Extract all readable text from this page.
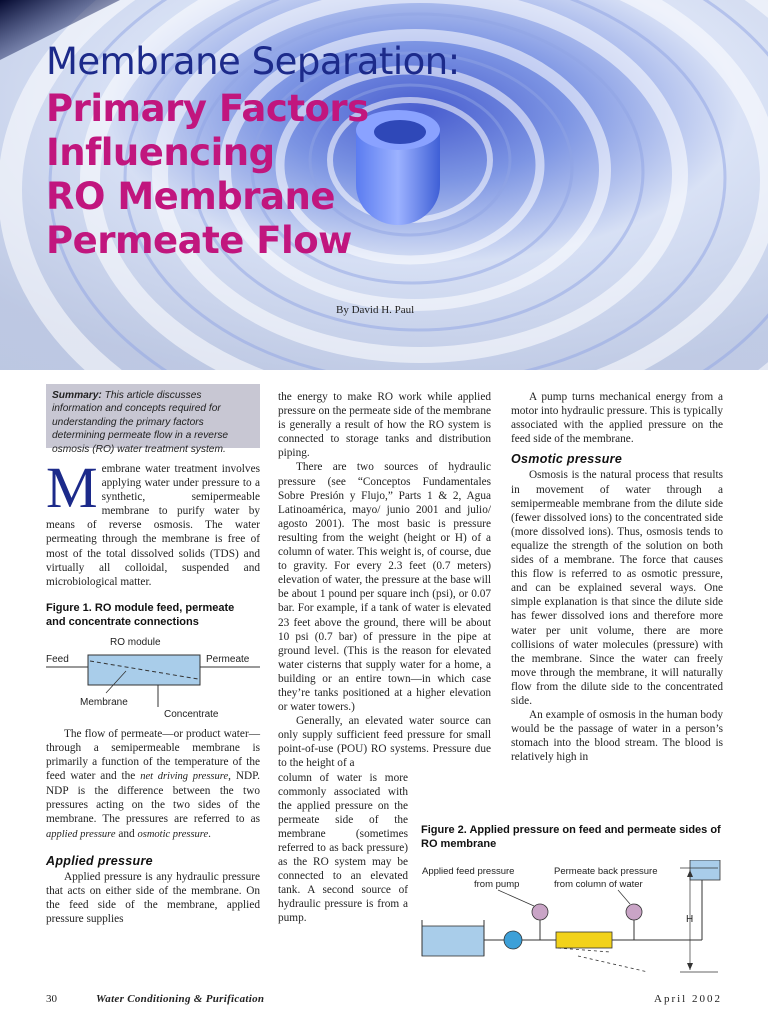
Membrane Separation:
Primary Factors
Influencing
RO Membrane
Permeate Flow
By David H. Paul
Summary: This article discusses information and concepts required for understanding the primary factors determining permeate flow in a reverse osmosis (RO) water treatment system.

Membrane water treatment involves applying water under pressure to a synthetic, semipermeable membrane to purify water by means of reverse osmosis. The water permeating through the membrane is free of most of the total dissolved solids (TDS) and virtually all colloidal, suspended and microbiological matter.

Figure 1. RO module feed, permeate and concentrate connections
RO module
Feed	Permeate
Membrane
Concentrate

The flow of permeate—or product water—through a semipermeable membrane is primarily a function of the temperature of the feed water and the net driving pressure, NDP. NDP is the difference between the two pressures acting on the two sides of the membrane. The pressures are referred to as applied pressure and osmotic pressure.

Applied pressure

Applied pressure is any hydraulic pressure that acts on either side of the membrane. On the feed side of the membrane, applied pressure supplies

the energy to make RO work while applied pressure on the permeate side of the membrane is generally a result of how the RO system is connected to storage tanks and distribution piping.

There are two sources of hydraulic pressure (see “Conceptos Fundamentales Sobre Presión y Flujo,” Parts 1 & 2, Agua Latinoamérica, mayo/ junio 2001 and julio/ agosto 2001). The most basic is pressure resulting from the weight (height or H) of a column of water. This weight is, of course, due to gravity. For every 2.3 feet (0.7 meters) elevation of water, the pressure at the base will be about 1 pound per square inch (psi), or 0.07 bar. For example, if a tank of water is elevated 23 feet above the ground, there will be about 10 psi (0.7 bar) of pressure in the pipe at ground level. (This is the reason for elevated water cisterns that supply water for a home, a building or an entire town—in which case they’re tanks positioned at a higher elevation or water towers.)

Generally, an elevated water source can only supply sufficient feed pressure for small point-of-use (POU) RO systems. Pressure due to the height of a

column of water is more commonly associated with the applied pressure on the permeate side of the membrane (sometimes referred to as back pressure) as the RO system may be connected to an elevated tank. A second source of hydraulic pressure is from a pump.

A pump turns mechanical energy from a motor into hydraulic pressure. This is typically associated with the applied pressure on the feed side of the membrane.

Osmotic pressure

Osmosis is the natural process that results in movement of water through a semipermeable membrane from the dilute side (fewer dissolved ions) to the concentrated side (more dissolved ions). Thus, osmosis tends to equalize the strength of the solution on both sides of a membrane. The force that causes this flow is referred to as osmotic pressure, and can be explained several ways. One simple explanation is that since the dilute side has fewer dissolved ions and therefore more water per unit volume, there are more collisions of water molecules (pressure) with the membrane. Since the water can freely move through the membrane, it will naturally flow from the dilute side to the concentrated side.

An example of osmosis in the human body would be the passage of water in a person’s stomach into the blood stream. The blood is relatively high in

Figure 2. Applied pressure on feed and permeate sides of RO membrane
Applied feed pressure
from pump
Permeate back pressure
from column of water
H
30	Water Conditioning & Purification	April 2002
